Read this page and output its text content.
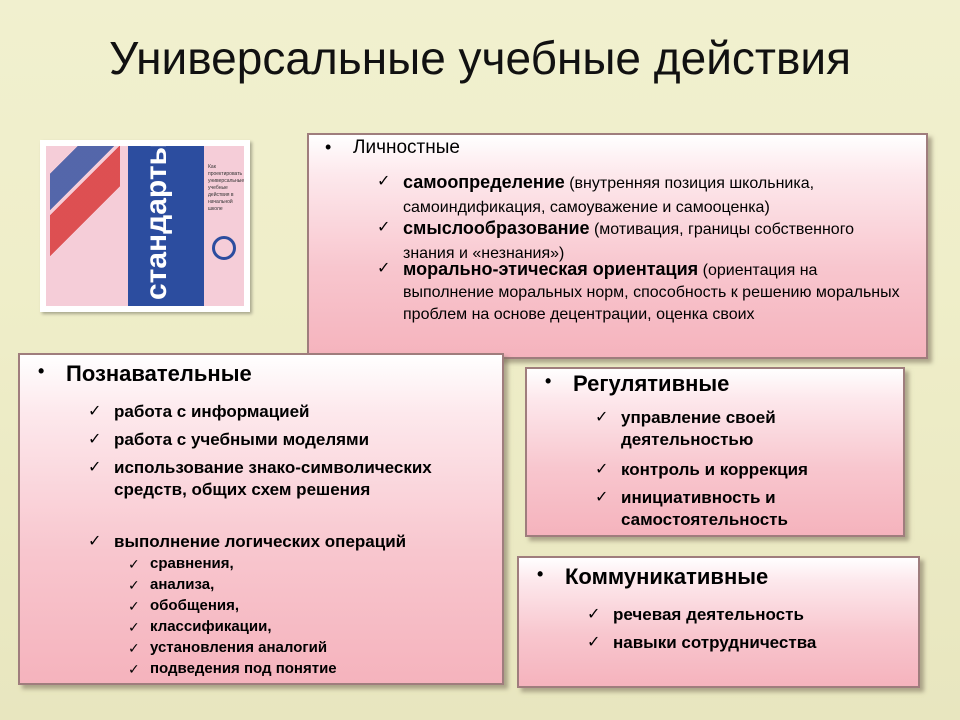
Универсальные учебные действия
стандарты	Как проектировать универсальные учебные действия в начальной школе
• Личностные
✓ самоопределение (внутренняя позиция школьника, самоиндификация, самоуважение и самооценка)
✓ смыслообразование (мотивация, границы собственного знания и «незнания»)
✓ морально-этическая ориентация (ориентация на выполнение моральных норм, способность к решению моральных проблем на основе децентрации, оценка своих
• Познавательные
✓ работа с информацией
✓ работа с учебными моделями
✓ использование знако-символических средств, общих схем решения
✓ выполнение логических операций
✓ сравнения,
✓ анализа,
✓ обобщения,
✓ классификации,
✓ установления аналогий
✓ подведения под понятие
• Регулятивные
✓ управление своей деятельностью
✓ контроль и коррекция
✓ инициативность и самостоятельность
• Коммуникативные
✓ речевая деятельность
✓ навыки сотрудничества
